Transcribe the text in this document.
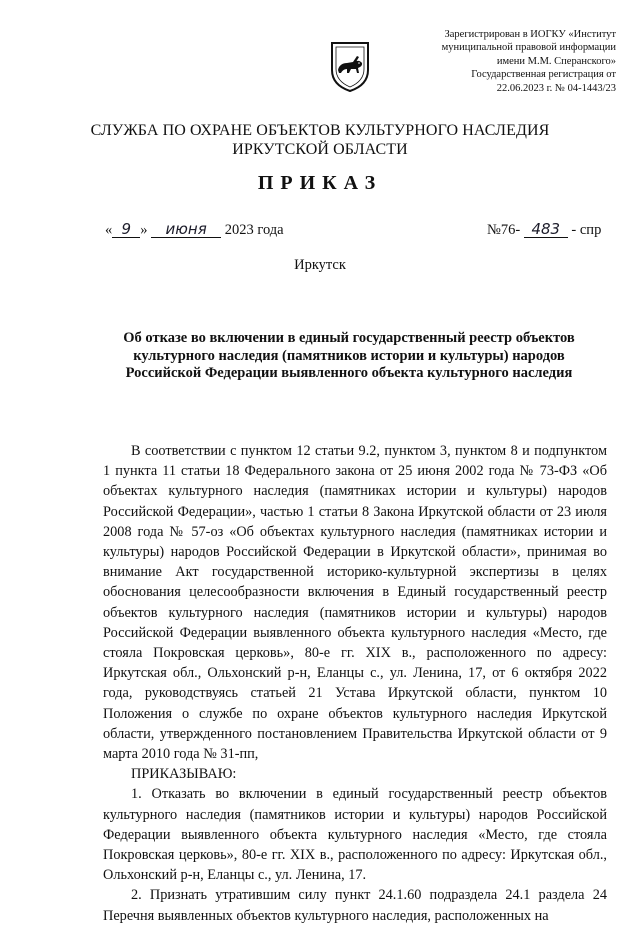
Зарегистрирован в ИОГКУ «Институт
муниципальной правовой информации
имени М.М. Сперанского»
Государственная регистрация от
22.06.2023 г. № 04-1443/23
СЛУЖБА ПО ОХРАНЕ ОБЪЕКТОВ КУЛЬТУРНОГО НАСЛЕДИЯ
ИРКУТСКОЙ ОБЛАСТИ
ПРИКАЗ
« 9 » июня 2023 года	№76- 483 - спр
Иркутск
Об отказе во включении в единый государственный реестр объектов
культурного наследия (памятников истории и культуры) народов
Российской Федерации выявленного объекта культурного наследия

В соответствии с пунктом 12 статьи 9.2, пунктом 3, пунктом 8 и подпунктом 1 пункта 11 статьи 18 Федерального закона от 25 июня 2002 года № 73-ФЗ «Об объектах культурного наследия (памятниках истории и культуры) народов Российской Федерации», частью 1 статьи 8 Закона Иркутской области от 23 июля 2008 года № 57-оз «Об объектах культурного наследия (памятниках истории и культуры) народов Российской Федерации в Иркутской области», принимая во внимание Акт государственной историко-культурной экспертизы в целях обоснования целесообразности включения в Единый государственный реестр объектов культурного наследия (памятников истории и культуры) народов Российской Федерации выявленного объекта культурного наследия «Место, где стояла Покровская церковь», 80-е гг. XIX в., расположенного по адресу: Иркутская обл., Ольхонский р-н, Еланцы с., ул. Ленина, 17, от 6 октября 2022 года, руководствуясь статьей 21 Устава Иркутской области, пунктом 10 Положения о службе по охране объектов культурного наследия Иркутской области, утвержденного постановлением Правительства Иркутской области от 9 марта 2010 года № 31-пп,

ПРИКАЗЫВАЮ:

1. Отказать во включении в единый государственный реестр объектов культурного наследия (памятников истории и культуры) народов Российской Федерации выявленного объекта культурного наследия «Место, где стояла Покровская церковь», 80-е гг. XIX в., расположенного по адресу: Иркутская обл., Ольхонский р-н, Еланцы с., ул. Ленина, 17.

2. Признать утратившим силу пункт 24.1.60 подраздела 24.1 раздела 24 Перечня выявленных объектов культурного наследия, расположенных на
